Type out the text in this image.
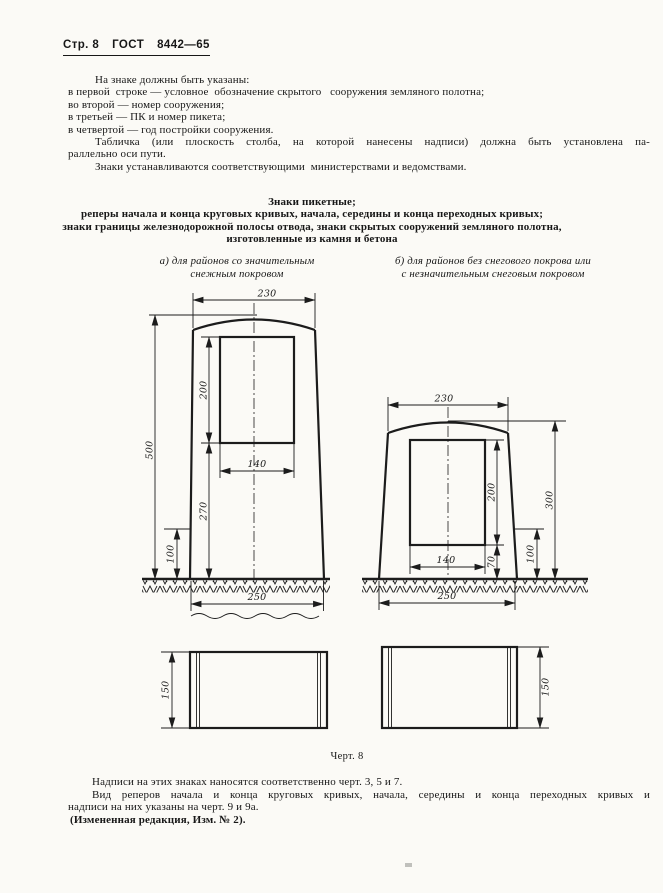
Стр. 8 ГОСТ 8442—65
На знаке должны быть указаны:
в первой  строке — условное  обозначение скрытого   сооружения земляного полотна;
во второй — номер сооружения;
в третьей — ПК и номер пикета;
в четвертой — год постройки сооружения.
Табличка (или плоскость столба, на которой нанесены надписи) должна быть установлена па-
раллельно оси пути.
Знаки устанавливаются соответствующими  министерствами и ведомствами.
Знаки пикетные;
реперы начала и конца круговых кривых, начала, середины и конца переходных кривых;
знаки границы железнодорожной полосы отвода, знаки скрытых сооружений земляного полотна,
изготовленные из камня и бетона
а) для районов со значительным
снежным покровом
б) для районов без снегового покрова или
с незначительным снеговым покровом
230
500
200
270
100
140
250
230
200
70	100
300
140
250
150	150
Черт. 8
Надписи на этих знаках наносятся соответственно черт. 3, 5 и 7.
Вид реперов начала и конца круговых кривых, начала, середины и конца переходных кривых и
надписи на них указаны на черт. 9 и 9а.
(Измененная редакция, Изм. № 2).
